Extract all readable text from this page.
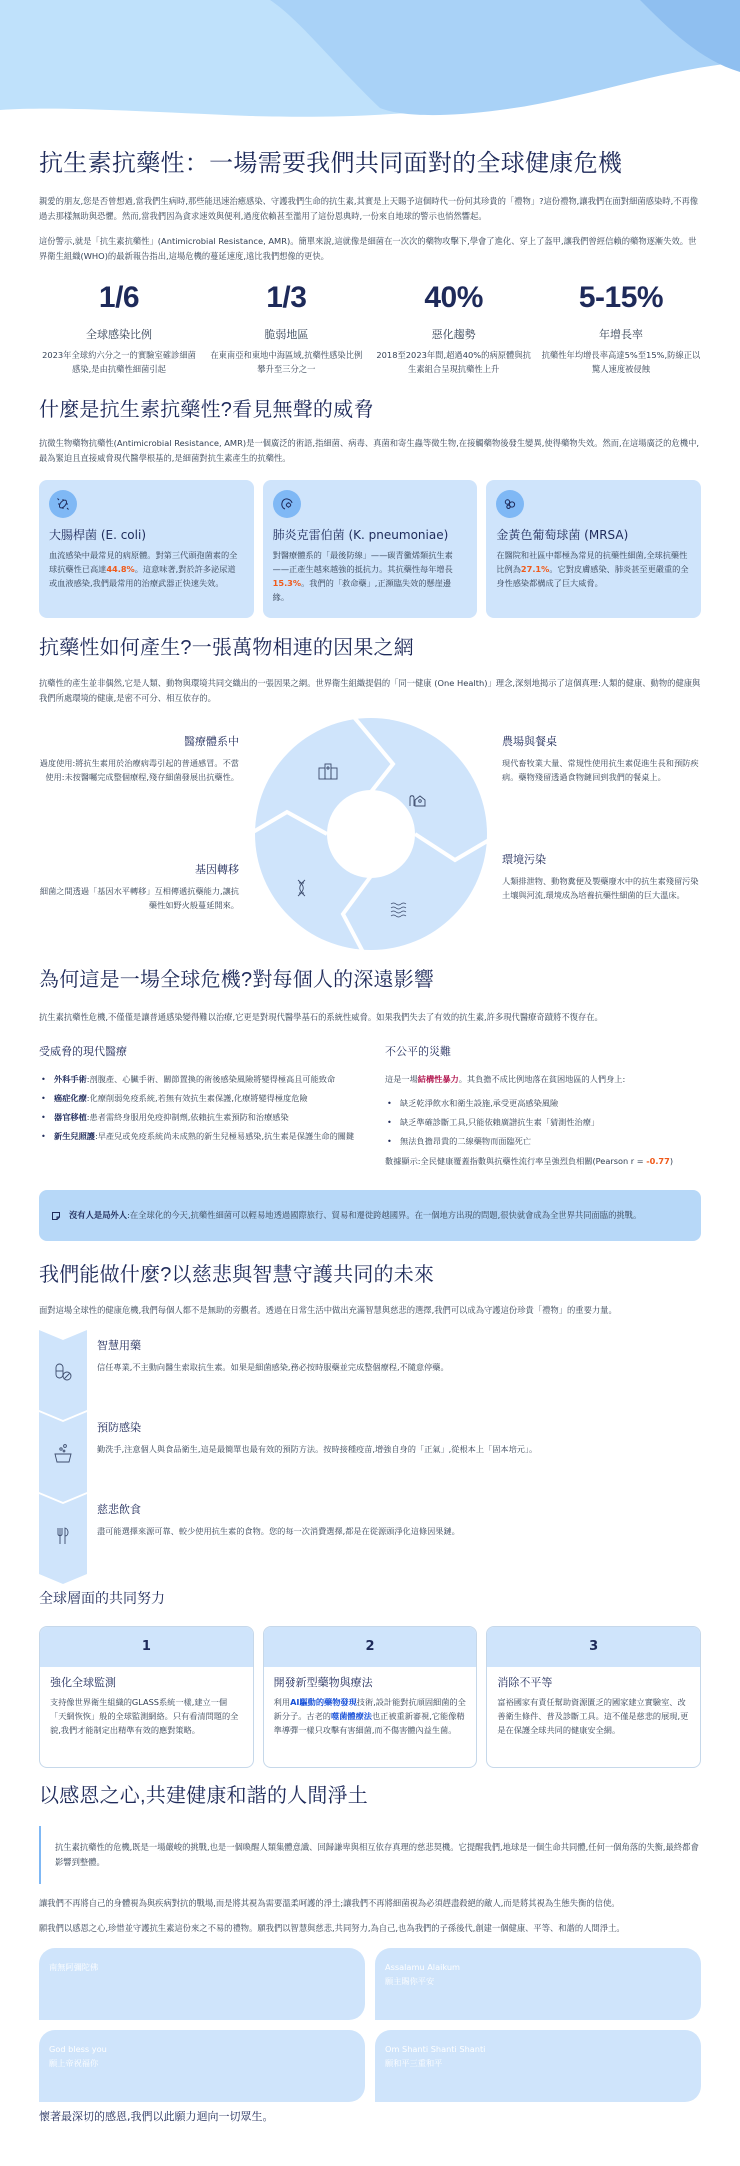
抗生素抗藥性：一場需要我們共同面對的全球健康危機

親愛的朋友,您是否曾想過,當我們生病時,那些能迅速治癒感染、守護我們生命的抗生素,其實是上天賜予這個時代一份何其珍貴的「禮物」?這份禮物,讓我們在面對細菌感染時,不再像過去那樣無助與恐懼。然而,當我們因為貪求速效與便利,過度依賴甚至濫用了這份恩典時,一份來自地球的警示也悄然響起。

這份警示,就是「抗生素抗藥性」(Antimicrobial Resistance, AMR)。簡單來說,這就像是細菌在一次次的藥物攻擊下,學會了進化、穿上了盔甲,讓我們曾經信賴的藥物逐漸失效。世界衛生組織(WHO)的最新報告指出,這場危機的蔓延速度,遠比我們想像的更快。

1/6
全球感染比例
2023年全球約六分之一的實驗室確診細菌感染,是由抗藥性細菌引起
1/3
脆弱地區
在東南亞和東地中海區域,抗藥性感染比例攀升至三分之一
40%
惡化趨勢
2018至2023年間,超過40%的病原體與抗生素組合呈現抗藥性上升
5-15%
年增長率
抗藥性年均增長率高達5%至15%,防線正以驚人速度被侵蝕
什麼是抗生素抗藥性?看見無聲的威脅

抗微生物藥物抗藥性(Antimicrobial Resistance, AMR)是一個廣泛的術語,指細菌、病毒、真菌和寄生蟲等微生物,在接觸藥物後發生變異,使得藥物失效。然而,在這場廣泛的危機中,最為緊迫且直接威脅現代醫學根基的,是細菌對抗生素產生的抗藥性。

大腸桿菌 (E. coli)

血流感染中最常見的病原體。對第三代頭孢菌素的全球抗藥性已高達44.8%。這意味著,對於許多泌尿道或血液感染,我們最常用的治療武器正快速失效。

肺炎克雷伯菌 (K. pneumoniae)

對醫療體系的「最後防線」——碳青黴烯類抗生素——正產生越來越強的抵抗力。其抗藥性每年增長15.3%。我們的「救命藥」,正瀕臨失效的懸崖邊緣。

金黃色葡萄球菌 (MRSA)

在醫院和社區中都極為常見的抗藥性細菌,全球抗藥性比例為27.1%。它對皮膚感染、肺炎甚至更嚴重的全身性感染都構成了巨大威脅。

抗藥性如何產生?一張萬物相連的因果之網

抗藥性的產生並非偶然,它是人類、動物與環境共同交織出的一張因果之網。世界衛生組織提倡的「同一健康 (One Health)」理念,深刻地揭示了這個真理:人類的健康、動物的健康與我們所處環境的健康,是密不可分、相互依存的。

醫療體系中

過度使用:將抗生素用於治療病毒引起的普通感冒。不當使用:未按醫囑完成整個療程,殘存細菌發展出抗藥性。

農場與餐桌

現代畜牧業大量、常規性使用抗生素促進生長和預防疾病。藥物殘留透過食物鏈回到我們的餐桌上。

基因轉移

細菌之間透過「基因水平轉移」互相傳遞抗藥能力,讓抗藥性如野火般蔓延開來。

環境污染

人類排泄物、動物糞便及製藥廢水中的抗生素殘留污染土壤與河流,環境成為培養抗藥性細菌的巨大溫床。

為何這是一場全球危機?對每個人的深遠影響

抗生素抗藥性危機,不僅僅是讓普通感染變得難以治療,它更是對現代醫學基石的系統性威脅。如果我們失去了有效的抗生素,許多現代醫療奇蹟將不復存在。

受威脅的現代醫療
• 外科手術:剖腹產、心臟手術、關節置換的術後感染風險將變得極高且可能致命
• 癌症化療:化療削弱免疫系統,若無有效抗生素保護,化療將變得極度危險
• 器官移植:患者需終身服用免疫抑制劑,依賴抗生素預防和治療感染
• 新生兒照護:早產兒或免疫系統尚未成熟的新生兒極易感染,抗生素是保護生命的關鍵
不公平的災難

這是一場結構性暴力。其負擔不成比例地落在貧困地區的人們身上:

• 缺乏乾淨飲水和衛生設施,承受更高感染風險
• 缺乏準確診斷工具,只能依賴廣譜抗生素「猜測性治療」
• 無法負擔昂貴的二線藥物而面臨死亡

數據顯示:全民健康覆蓋指數與抗藥性流行率呈強烈負相關(Pearson r = -0.77)

沒有人是局外人:在全球化的今天,抗藥性細菌可以輕易地透過國際旅行、貿易和遷徙跨越國界。在一個地方出現的問題,很快就會成為全世界共同面臨的挑戰。
我們能做什麼?以慈悲與智慧守護共同的未來

面對這場全球性的健康危機,我們每個人都不是無助的旁觀者。透過在日常生活中做出充滿智慧與慈悲的選擇,我們可以成為守護這份珍貴「禮物」的重要力量。

智慧用藥

信任專業,不主動向醫生索取抗生素。如果是細菌感染,務必按時服藥並完成整個療程,不隨意停藥。

預防感染

勤洗手,注意個人與食品衛生,這是最簡單也最有效的預防方法。按時接種疫苗,增強自身的「正氣」,從根本上「固本培元」。

慈悲飲食

盡可能選擇來源可靠、較少使用抗生素的食物。您的每一次消費選擇,都是在從源頭淨化這條因果鏈。

全球層面的共同努力
1
強化全球監測

支持像世界衛生組織的GLASS系統一樣,建立一個「天網恢恢」般的全球監測網絡。只有看清問題的全貌,我們才能制定出精準有效的應對策略。

2
開發新型藥物與療法

利用AI驅動的藥物發現技術,設計能對抗頑固細菌的全新分子。古老的噬菌體療法也正被重新審視,它能像精準導彈一樣只攻擊有害細菌,而不傷害體內益生菌。

3
消除不平等

富裕國家有責任幫助資源匱乏的國家建立實驗室、改善衛生條件、普及診斷工具。這不僅是慈悲的展現,更是在保護全球共同的健康安全網。

以感恩之心,共建健康和諧的人間淨土
抗生素抗藥性的危機,既是一場嚴峻的挑戰,也是一個喚醒人類集體意識、回歸謙卑與相互依存真理的慈悲契機。它提醒我們,地球是一個生命共同體,任何一個角落的失衡,最終都會影響到整體。

讓我們不再將自己的身體視為與疾病對抗的戰場,而是將其視為需要溫柔呵護的淨土;讓我們不再將細菌視為必須趕盡殺絕的敵人,而是將其視為生態失衡的信使。

願我們以感恩之心,珍惜並守護抗生素這份來之不易的禮物。願我們以智慧與慈悲,共同努力,為自己,也為我們的子孫後代,創建一個健康、平等、和諧的人間淨土。

南無阿彌陀佛	Assalamu Alaikum
願主賜你平安
God bless you
願上帝祝福你
Om Shanti Shanti Shanti
願和平三重和平

懷著最深切的感恩,我們以此願力迴向一切眾生。
